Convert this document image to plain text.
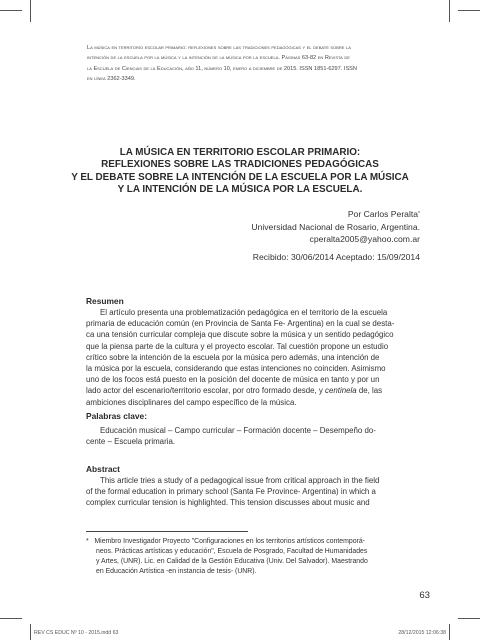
La música en territorio escolar primario: reflexiones sobre las tradiciones pedagógicas y el debate sobre la
intención de la escuela por la música y la intención de la música por la escuela. Páginas 63-82 en Revista de
la Escuela de Ciencias de la Educación, año 11, número 10, enero a diciembre de 2015. ISSN 1851-6297. ISSN
en línea 2362-3349.
LA MÚSICA EN TERRITORIO ESCOLAR PRIMARIO:
REFLEXIONES SOBRE LAS TRADICIONES PEDAGÓGICAS
Y EL DEBATE SOBRE LA INTENCIÓN DE LA ESCUELA POR LA MÚSICA
Y LA INTENCIÓN DE LA MÚSICA POR LA ESCUELA.
Por Carlos Peralta*
Universidad Nacional de Rosario, Argentina.
cperalta2005@yahoo.com.ar
Recibido: 30/06/2014 Aceptado: 15/09/2014
Resumen
El artículo presenta una problematización pedagógica en el territorio de la escuela
primaria de educación común (en Provincia de Santa Fe- Argentina) en la cual se desta-
ca una tensión curricular compleja que discute sobre la música y un sentido pedagógico
que la piensa parte de la cultura y el proyecto escolar. Tal cuestión propone un estudio
crítico sobre la intención de la escuela por la música pero además, una intención de
la música por la escuela, considerando que estas intenciones no coinciden. Asimismo
uno de los focos está puesto en la posición del docente de música en tanto y por un
lado actor del escenario/territorio escolar, por otro formado desde, y centinela de, las
ambiciones disciplinares del campo específico de la música.
Palabras clave:
Educación musical – Campo curricular – Formación docente – Desempeño do-
cente – Escuela primaria.
Abstract
This article tries a study of a pedagogical issue from critical approach in the field
of the formal education in primary school (Santa Fe Province- Argentina) in which a
complex curricular tension is highlighted. This tension discusses about music and
* Miembro Investigador Proyecto "Configuraciones en los territorios artísticos contemporá-
neos. Prácticas artísticas y educación", Escuela de Posgrado, Facultad de Humanidades
y Artes, (UNR). Lic. en Calidad de la Gestión Educativa (Univ. Del Salvador). Maestrando
en Educación Artística -en instancia de tesis- (UNR).
63
REV CS EDUC Nº 10 - 2015.indd 63	28/12/2015 12:06:38
